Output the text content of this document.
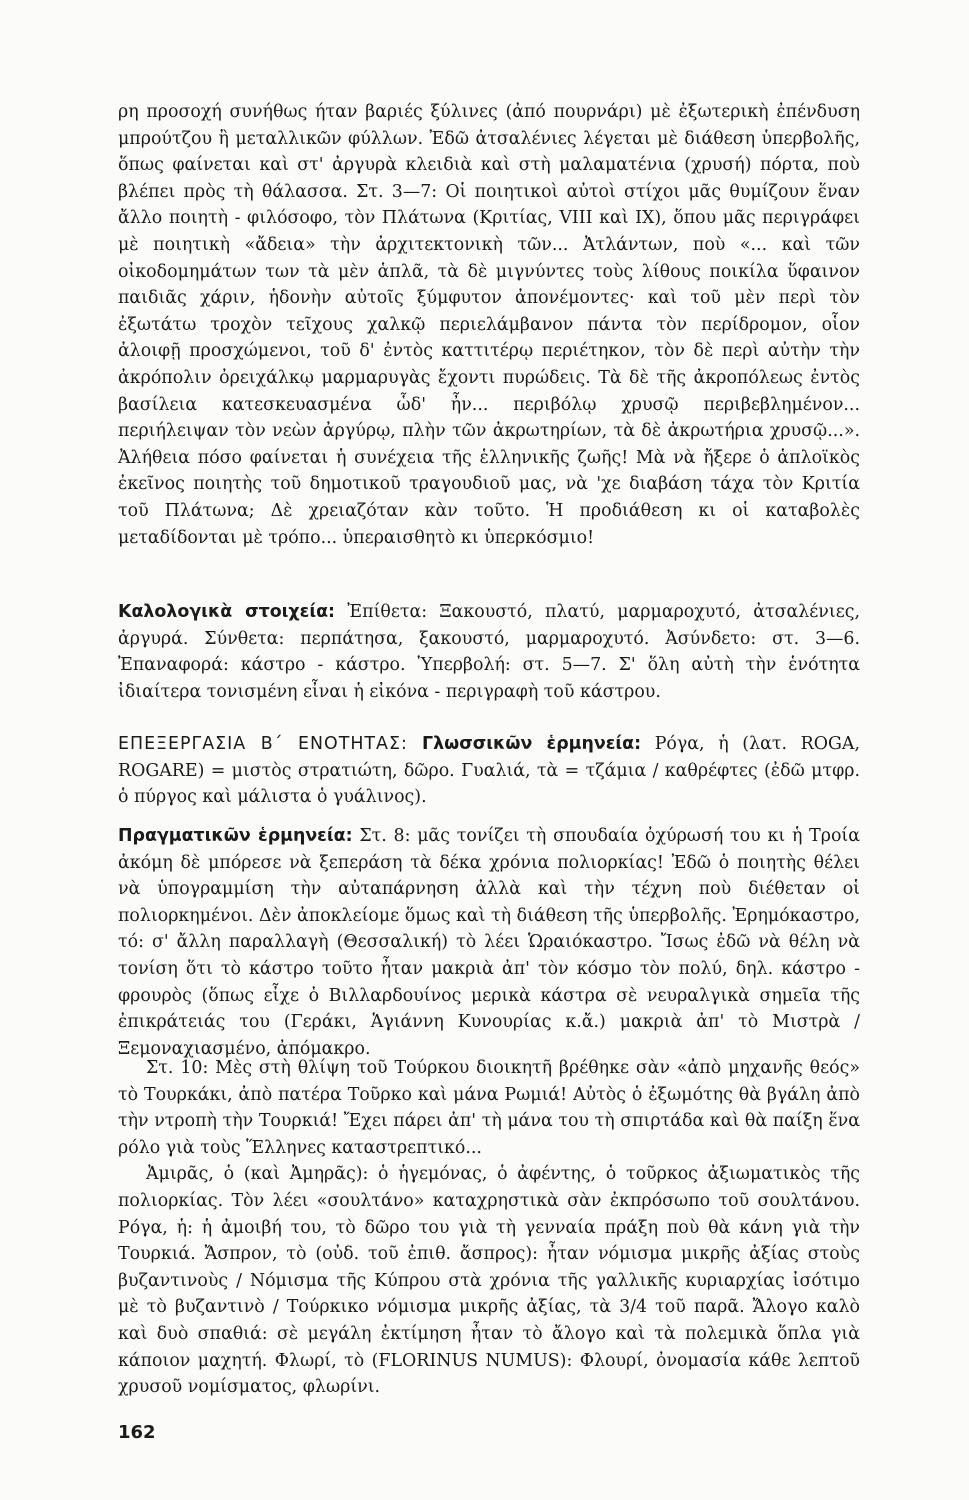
ρη προσοχή συνήθως ήταν βαριές ξύλινες (ἀπό πουρνάρι) μὲ ἐξωτερικὴ ἐπένδυση μπρούτζου ἢ μεταλλικῶν φύλλων. Ἐδῶ ἀτσαλένιες λέγεται μὲ διάθεση ὑπερβολῆς, ὅπως φαίνεται καὶ στ' ἀργυρὰ κλειδιὰ καὶ στὴ μαλαματένια (χρυσή) πόρτα, ποὺ βλέπει πρὸς τὴ θάλασσα. Στ. 3—7: Οἱ ποιητικοὶ αὐτοὶ στίχοι μᾶς θυμίζουν ἕναν ἄλλο ποιητὴ - φιλόσοφο, τὸν Πλάτωνα (Κριτίας, VIII καὶ IX), ὅπου μᾶς περιγράφει μὲ ποιητικὴ «ἄδεια» τὴν ἀρχιτεκτονικὴ τῶν... Ἀτλάντων, ποὺ «... καὶ τῶν οἰκοδομημάτων των τὰ μὲν ἁπλᾶ, τὰ δὲ μιγνύντες τοὺς λίθους ποικίλα ὕφαινον παιδιᾶς χάριν, ἡδονὴν αὐτοῖς ξύμφυτον ἀπονέμοντες· καὶ τοῦ μὲν περὶ τὸν ἐξωτάτω τροχὸν τεῖχους χαλκῷ περιελάμβανον πάντα τὸν περίδρομον, οἷον ἀλοιφῇ προσχώμενοι, τοῦ δ' ἐντὸς καττιτέρῳ περιέτηκον, τὸν δὲ περὶ αὐτὴν τὴν ἀκρόπολιν ὀρειχάλκῳ μαρμαρυγὰς ἔχοντι πυρώδεις. Τὰ δὲ τῆς ἀκροπόλεως ἐντὸς βασίλεια κατεσκευασμένα ὧδ' ἦν... περιβόλῳ χρυσῷ περιβεβλημένον... περιήλειψαν τὸν νεὼν ἀργύρῳ, πλὴν τῶν ἀκρωτηρίων, τὰ δὲ ἀκρωτήρια χρυσῷ...». Ἀλήθεια πόσο φαίνεται ἡ συνέχεια τῆς ἑλληνικῆς ζωῆς! Μὰ νὰ ἤξερε ὁ ἁπλοϊκὸς ἐκεῖνος ποιητὴς τοῦ δημοτικοῦ τραγουδιοῦ μας, νὰ 'χε διαβάση τάχα τὸν Κριτία τοῦ Πλάτωνα; Δὲ χρειαζόταν κὰν τοῦτο. Ἡ προδιάθεση κι οἱ καταβολὲς μεταδίδονται μὲ τρόπο... ὑπεραισθητὸ κι ὑπερκόσμιο!

Καλολογικὰ στοιχεία: Ἐπίθετα: Ξακουστό, πλατύ, μαρμαροχυτό, ἀτσαλένιες, ἀργυρά. Σύνθετα: περπάτησα, ξακουστό, μαρμαροχυτό. Ἀσύνδετο: στ. 3—6. Ἐπαναφορά: κάστρο - κάστρο. Ὑπερβολή: στ. 5—7. Σ' ὅλη αὐτὴ τὴν ἑνότητα ἰδιαίτερα τονισμένη εἶναι ἡ εἰκόνα - περιγραφὴ τοῦ κάστρου.

ΕΠΕΞΕΡΓΑΣΙΑ Β΄ ΕΝΟΤΗΤΑΣ: Γλωσσικῶν ἑρμηνεία: Ρόγα, ἡ (λατ. ROGA, ROGARE) = μιστὸς στρατιώτη, δῶρο. Γυαλιά, τὰ = τζάμια / καθρέφτες (ἐδῶ μτφρ. ὁ πύργος καὶ μάλιστα ὁ γυάλινος).

Πραγματικῶν ἑρμηνεία: Στ. 8: μᾶς τονίζει τὴ σπουδαία ὀχύρωσή του κι ἡ Τροία ἀκόμη δὲ μπόρεσε νὰ ξεπεράση τὰ δέκα χρόνια πολιορκίας! Ἐδῶ ὁ ποιητὴς θέλει νὰ ὑπογραμμίση τὴν αὐταπάρνηση ἀλλὰ καὶ τὴν τέχνη ποὺ διέθεταν οἱ πολιορκημένοι. Δὲν ἀποκλείομε ὅμως καὶ τὴ διάθεση τῆς ὑπερβολῆς. Ἐρημόκαστρο, τό: σ' ἄλλη παραλλαγὴ (Θεσσαλική) τὸ λέει Ὡραιόκαστρο. Ἴσως ἐδῶ νὰ θέλη νὰ τονίση ὅτι τὸ κάστρο τοῦτο ἦταν μακριὰ ἀπ' τὸν κόσμο τὸν πολύ, δηλ. κάστρο - φρουρὸς (ὅπως εἶχε ὁ Βιλλαρδουίνος μερικὰ κάστρα σὲ νευραλγικὰ σημεῖα τῆς ἐπικράτειάς του (Γεράκι, Ἁγιάννη Κυνουρίας κ.ἄ.) μακριὰ ἀπ' τὸ Μιστρὰ / Ξεμοναχιασμένο, ἀπόμακρο.

Στ. 10: Μὲς στὴ θλίψη τοῦ Τούρκου διοικητῆ βρέθηκε σὰν «ἀπὸ μηχανῆς θεός» τὸ Τουρκάκι, ἀπὸ πατέρα Τοῦρκο καὶ μάνα Ρωμιά! Αὐτὸς ὁ ἐξωμότης θὰ βγάλη ἀπὸ τὴν ντροπὴ τὴν Τουρκιά! Ἔχει πάρει ἀπ' τὴ μάνα του τὴ σπιρτάδα καὶ θὰ παίξη ἕνα ρόλο γιὰ τοὺς Ἕλληνες καταστρεπτικό...

Ἀμιρᾶς, ὁ (καὶ Ἀμηρᾶς): ὁ ἡγεμόνας, ὁ ἀφέντης, ὁ τοῦρκος ἀξιωματικὸς τῆς πολιορκίας. Τὸν λέει «σουλτάνο» καταχρηστικὰ σὰν ἐκπρόσωπο τοῦ σουλτάνου. Ρόγα, ἡ: ἡ ἀμοιβή του, τὸ δῶρο του γιὰ τὴ γενναία πράξη ποὺ θὰ κάνη γιὰ τὴν Τουρκιά. Ἄσπρον, τὸ (οὐδ. τοῦ ἐπιθ. ἄσπρος): ἦταν νόμισμα μικρῆς ἀξίας στοὺς βυζαντινοὺς / Νόμισμα τῆς Κύπρου στὰ χρόνια τῆς γαλλικῆς κυριαρχίας ἰσότιμο μὲ τὸ βυζαντινὸ / Τούρκικο νόμισμα μικρῆς ἀξίας, τὰ 3/4 τοῦ παρᾶ. Ἄλογο καλὸ καὶ δυὸ σπαθιά: σὲ μεγάλη ἐκτίμηση ἦταν τὸ ἄλογο καὶ τὰ πολεμικὰ ὅπλα γιὰ κάποιον μαχητή. Φλωρί, τὸ (FLORINUS NUMUS): Φλουρί, ὀνομασία κάθε λεπτοῦ χρυσοῦ νομίσματος, φλωρίνι.

162
